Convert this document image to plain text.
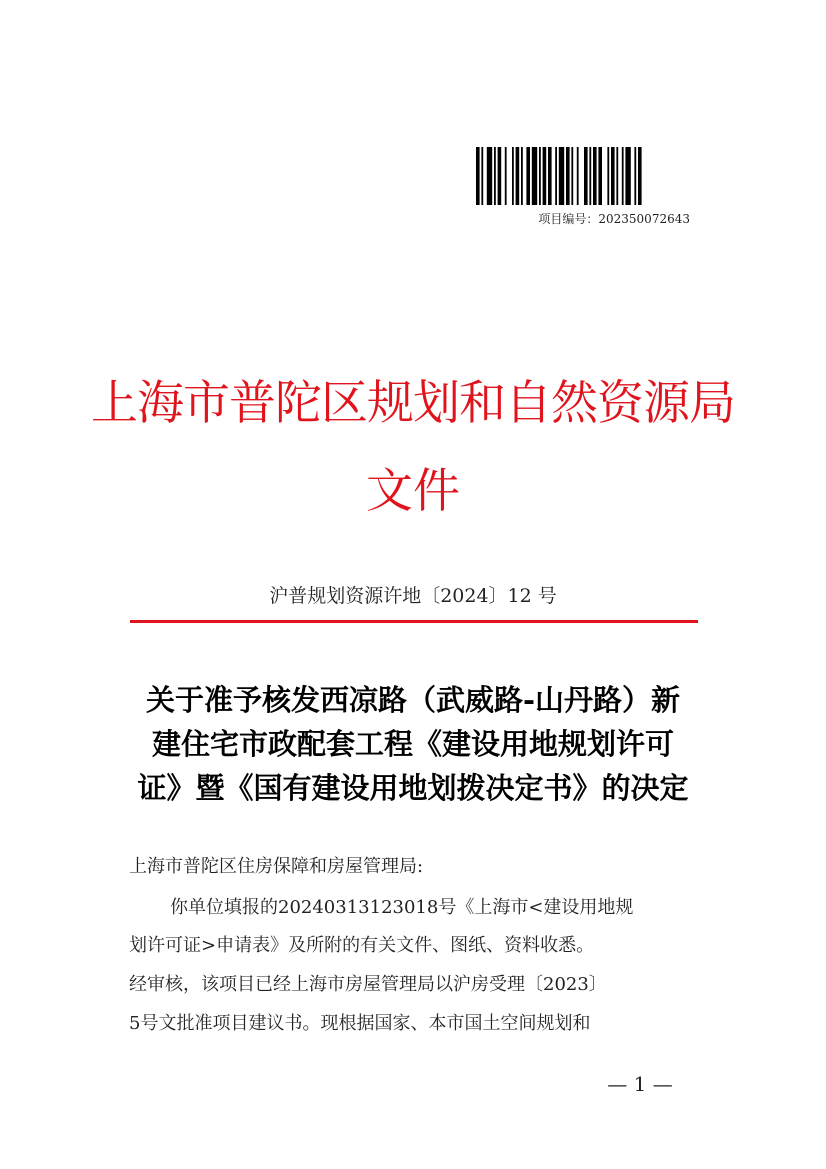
项目编号：202350072643
上海市普陀区规划和自然资源局
文件
沪普规划资源许地〔2024〕12 号
关于准予核发西凉路（武威路-山丹路）新
建住宅市政配套工程《建设用地规划许可
证》暨《国有建设用地划拨决定书》的决定
上海市普陀区住房保障和房屋管理局:
你单位填报的20240313123018号《上海市<建设用地规
划许可证>申请表》及所附的有关文件、图纸、资料收悉。
经审核，该项目已经上海市房屋管理局以沪房受理〔2023〕
5号文批准项目建议书。现根据国家、本市国土空间规划和
— 1 —
